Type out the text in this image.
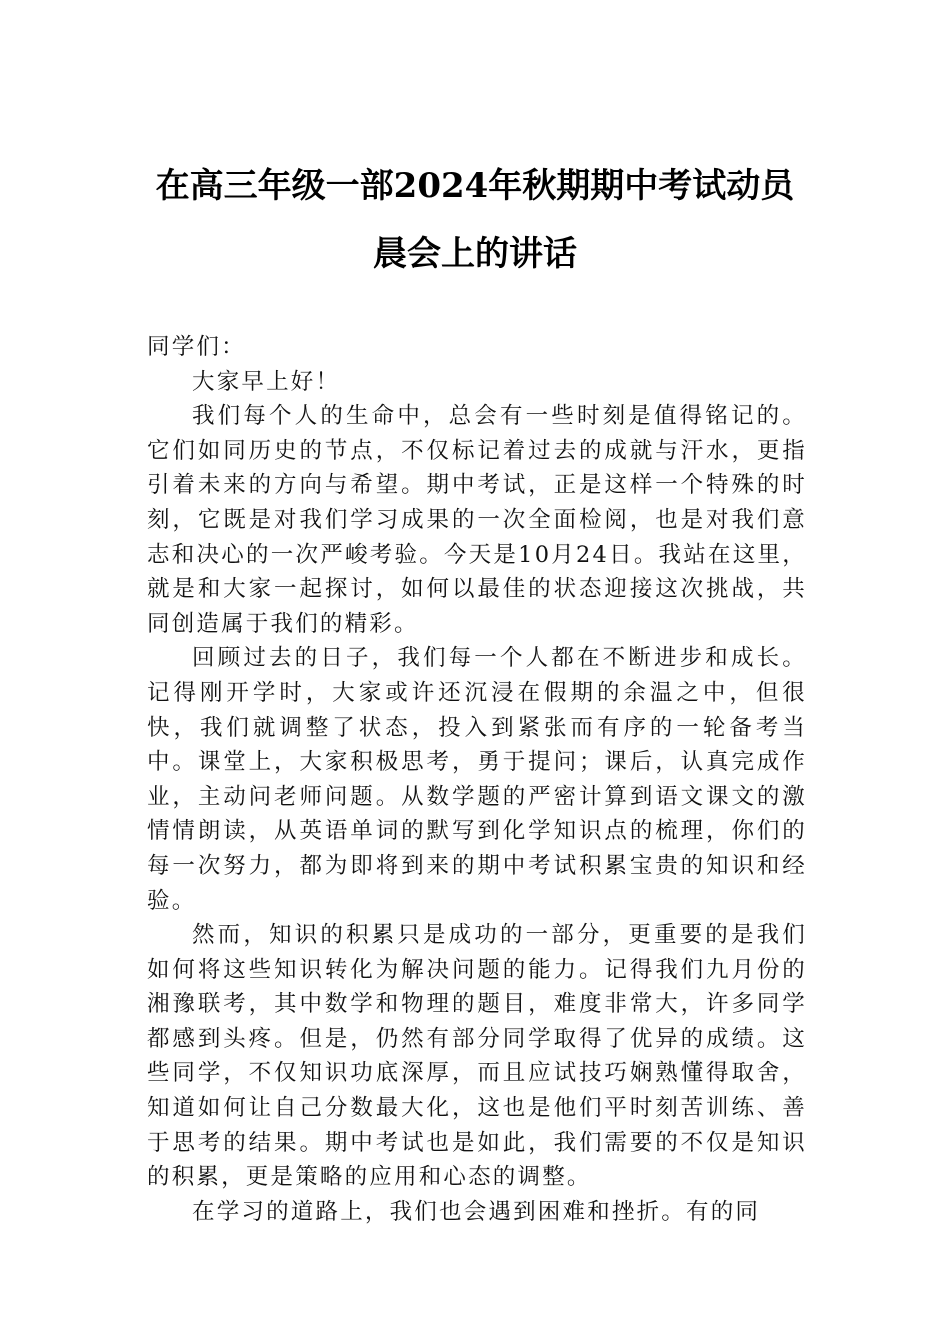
在高三年级一部2024年秋期期中考试动员
晨会上的讲话

同学们：

大家早上好！

我们每个人的生命中，总会有一些时刻是值得铭记的。它们如同历史的节点，不仅标记着过去的成就与汗水，更指引着未来的方向与希望。期中考试，正是这样一个特殊的时刻，它既是对我们学习成果的一次全面检阅，也是对我们意志和决心的一次严峻考验。今天是10月24日。我站在这里，就是和大家一起探讨，如何以最佳的状态迎接这次挑战，共同创造属于我们的精彩。

回顾过去的日子，我们每一个人都在不断进步和成长。记得刚开学时，大家或许还沉浸在假期的余温之中，但很快，我们就调整了状态，投入到紧张而有序的一轮备考当中。课堂上，大家积极思考，勇于提问；课后，认真完成作业，主动问老师问题。从数学题的严密计算到语文课文的激情情朗读，从英语单词的默写到化学知识点的梳理，你们的每一次努力，都为即将到来的期中考试积累宝贵的知识和经验。

然而，知识的积累只是成功的一部分，更重要的是我们如何将这些知识转化为解决问题的能力。记得我们九月份的湘豫联考，其中数学和物理的题目，难度非常大，许多同学都感到头疼。但是，仍然有部分同学取得了优异的成绩。这些同学，不仅知识功底深厚，而且应试技巧娴熟懂得取舍，知道如何让自己分数最大化，这也是他们平时刻苦训练、善于思考的结果。期中考试也是如此，我们需要的不仅是知识的积累，更是策略的应用和心态的调整。

在学习的道路上，我们也会遇到困难和挫折。有的同
